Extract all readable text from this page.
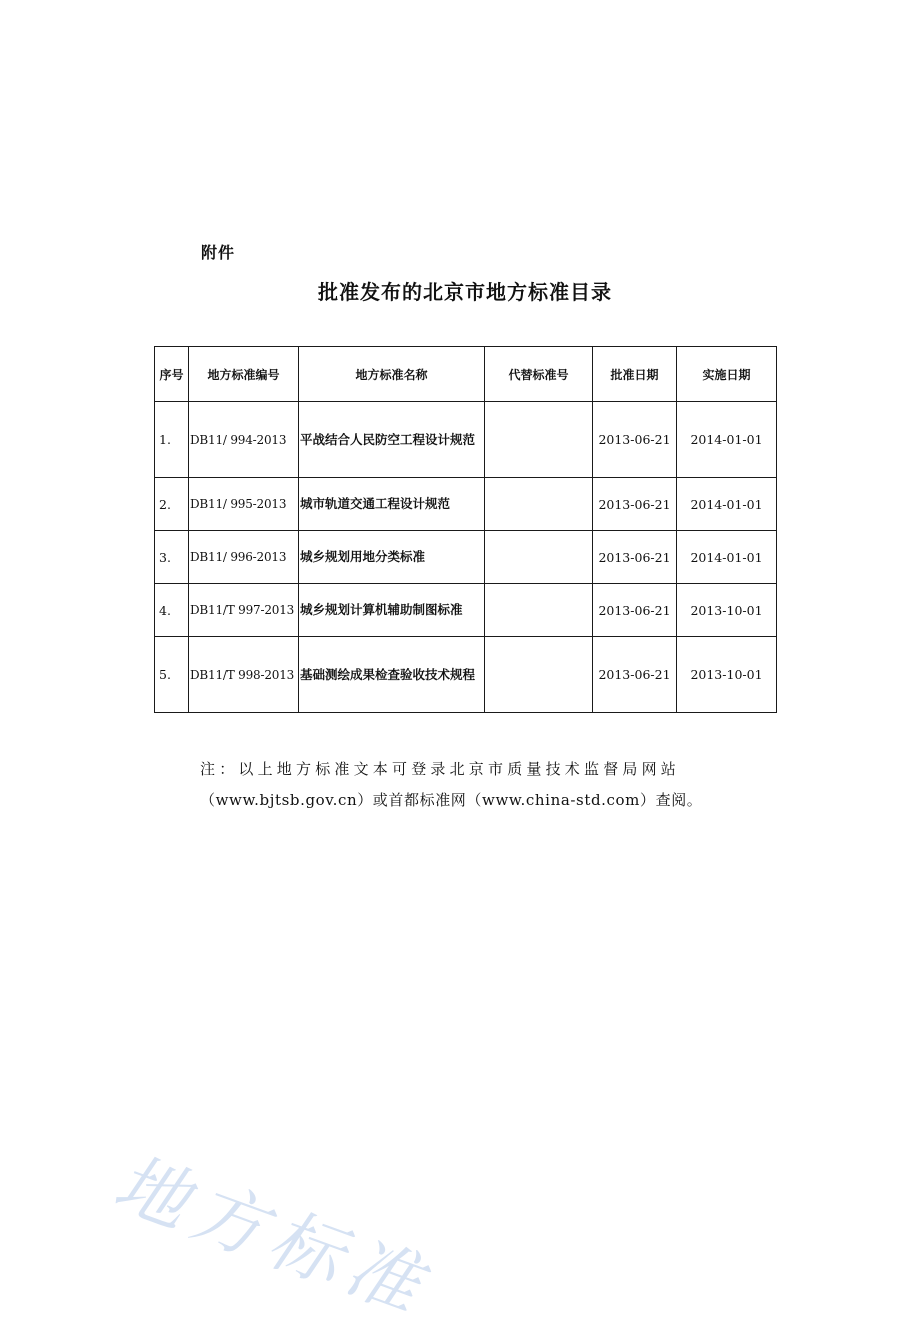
附件
批准发布的北京市地方标准目录
序号	地方标准编号	地方标准名称	代替标准号	批准日期	实施日期
1.	DB11/ 994-2013	平战结合人民防空工程设计规范		2013-06-21	2014-01-01
2.	DB11/ 995-2013	城市轨道交通工程设计规范		2013-06-21	2014-01-01
3.	DB11/ 996-2013	城乡规划用地分类标准		2013-06-21	2014-01-01
4.	DB11/T 997-2013	城乡规划计算机辅助制图标准		2013-06-21	2013-10-01
5.	DB11/T 998-2013	基础测绘成果检查验收技术规程		2013-06-21	2013-10-01
注：以上地方标准文本可登录北京市质量技术监督局网站
（www.bjtsb.gov.cn）或首都标准网（www.china-std.com）查阅。
地方标准
